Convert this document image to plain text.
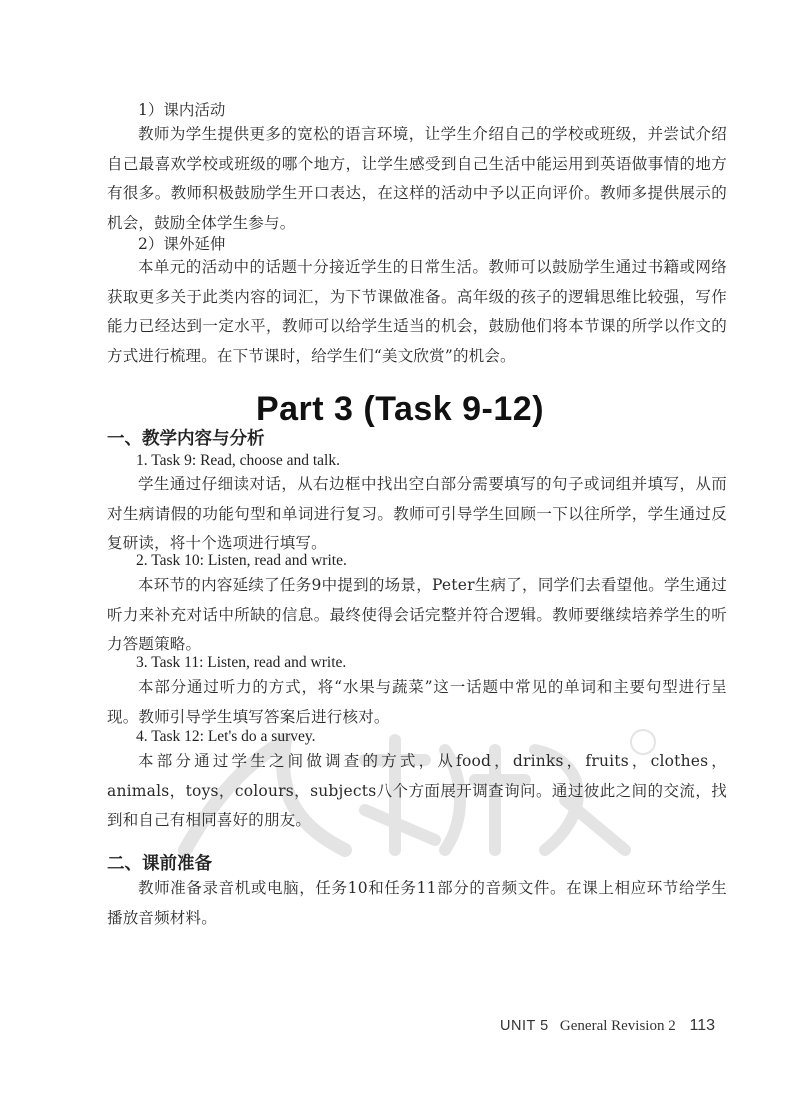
1）课内活动

教师为学生提供更多的宽松的语言环境，让学生介绍自己的学校或班级，并尝试介绍自己最喜欢学校或班级的哪个地方，让学生感受到自己生活中能运用到英语做事情的地方有很多。教师积极鼓励学生开口表达，在这样的活动中予以正向评价。教师多提供展示的机会，鼓励全体学生参与。

2）课外延伸

本单元的活动中的话题十分接近学生的日常生活。教师可以鼓励学生通过书籍或网络获取更多关于此类内容的词汇，为下节课做准备。高年级的孩子的逻辑思维比较强，写作能力已经达到一定水平，教师可以给学生适当的机会，鼓励他们将本节课的所学以作文的方式进行梳理。在下节课时，给学生们“美文欣赏”的机会。

Part 3 (Task 9-12)
一、教学内容与分析

1. Task 9: Read, choose and talk.

学生通过仔细读对话，从右边框中找出空白部分需要填写的句子或词组并填写，从而对生病请假的功能句型和单词进行复习。教师可引导学生回顾一下以往所学，学生通过反复研读，将十个选项进行填写。

2. Task 10: Listen, read and write.

本环节的内容延续了任务9中提到的场景，Peter生病了，同学们去看望他。学生通过听力来补充对话中所缺的信息。最终使得会话完整并符合逻辑。教师要继续培养学生的听力答题策略。

3. Task 11: Listen, read and write.

本部分通过听力的方式，将“水果与蔬菜”这一话题中常见的单词和主要句型进行呈现。教师引导学生填写答案后进行核对。

4. Task 12: Let's do a survey.

本部分通过学生之间做调查的方式，从food，drinks，fruits，clothes，animals，toys，colours，subjects八个方面展开调查询问。通过彼此之间的交流，找到和自己有相同喜好的朋友。

二、课前准备

教师准备录音机或电脑，任务10和任务11部分的音频文件。在课上相应环节给学生播放音频材料。

UNIT 5 General Revision 2 113
